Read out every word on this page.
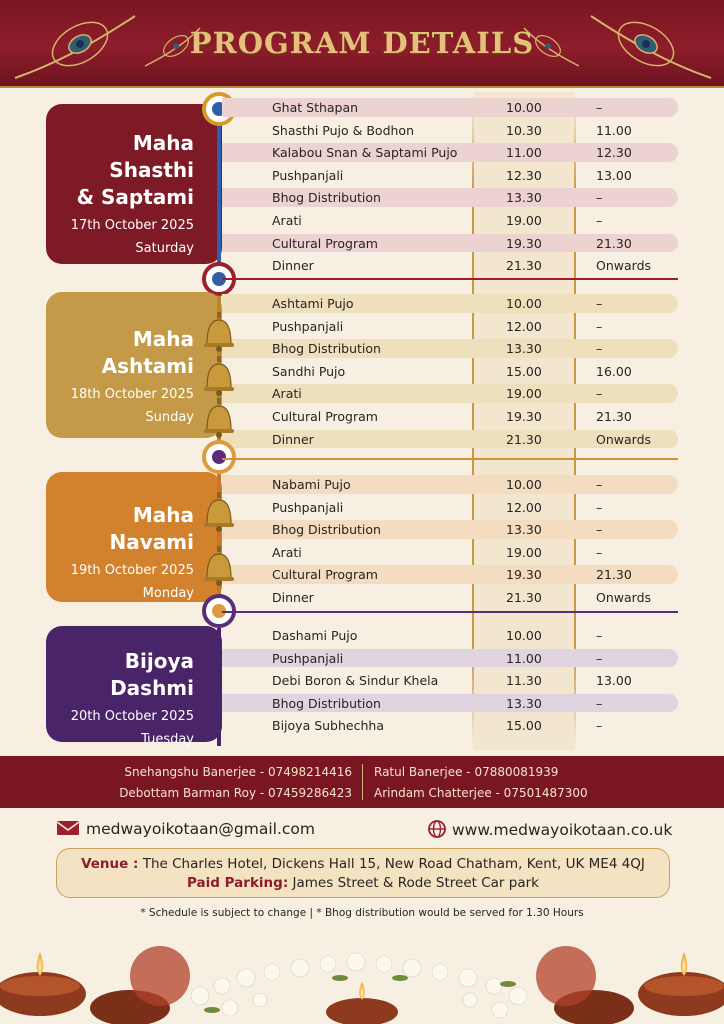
PROGRAM DETAILS
Maha Shasthi
& Saptami
17th October 2025
Saturday
Ghat Sthapan	10.00	–
Shasthi Pujo & Bodhon	10.30	11.00
Kalabou Snan & Saptami Pujo	11.00	12.30
Pushpanjali	12.30	13.00
Bhog Distribution	13.30	–
Arati	19.00	–
Cultural Program	19.30	21.30
Dinner	21.30	Onwards
Maha Ashtami
18th October 2025
Sunday
Ashtami Pujo	10.00	–
Pushpanjali	12.00	–
Bhog Distribution	13.30	–
Sandhi Pujo	15.00	16.00
Arati	19.00	–
Cultural Program	19.30	21.30
Dinner	21.30	Onwards
Maha Navami
19th October 2025
Monday
Nabami Pujo	10.00	–
Pushpanjali	12.00	–
Bhog Distribution	13.30	–
Arati	19.00	–
Cultural Program	19.30	21.30
Dinner	21.30	Onwards
Bijoya Dashmi
20th October 2025
Tuesday
Dashami Pujo	10.00	–
Pushpanjali	11.00	–
Debi Boron & Sindur Khela	11.30	13.00
Bhog Distribution	13.30	–
Bijoya Subhechha	15.00	–
Snehangshu Banerjee - 07498214416
Debottam Barman Roy - 07459286423
Ratul Banerjee - 07880081939
Arindam Chatterjee - 07501487300
medwayoikotaan@gmail.com	www.medwayoikotaan.co.uk
Venue : The Charles Hotel, Dickens Hall 15, New Road Chatham, Kent, UK ME4 4QJ
Paid Parking: James Street & Rode Street Car park
* Schedule is subject to change | * Bhog distribution would be served for 1.30 Hours
